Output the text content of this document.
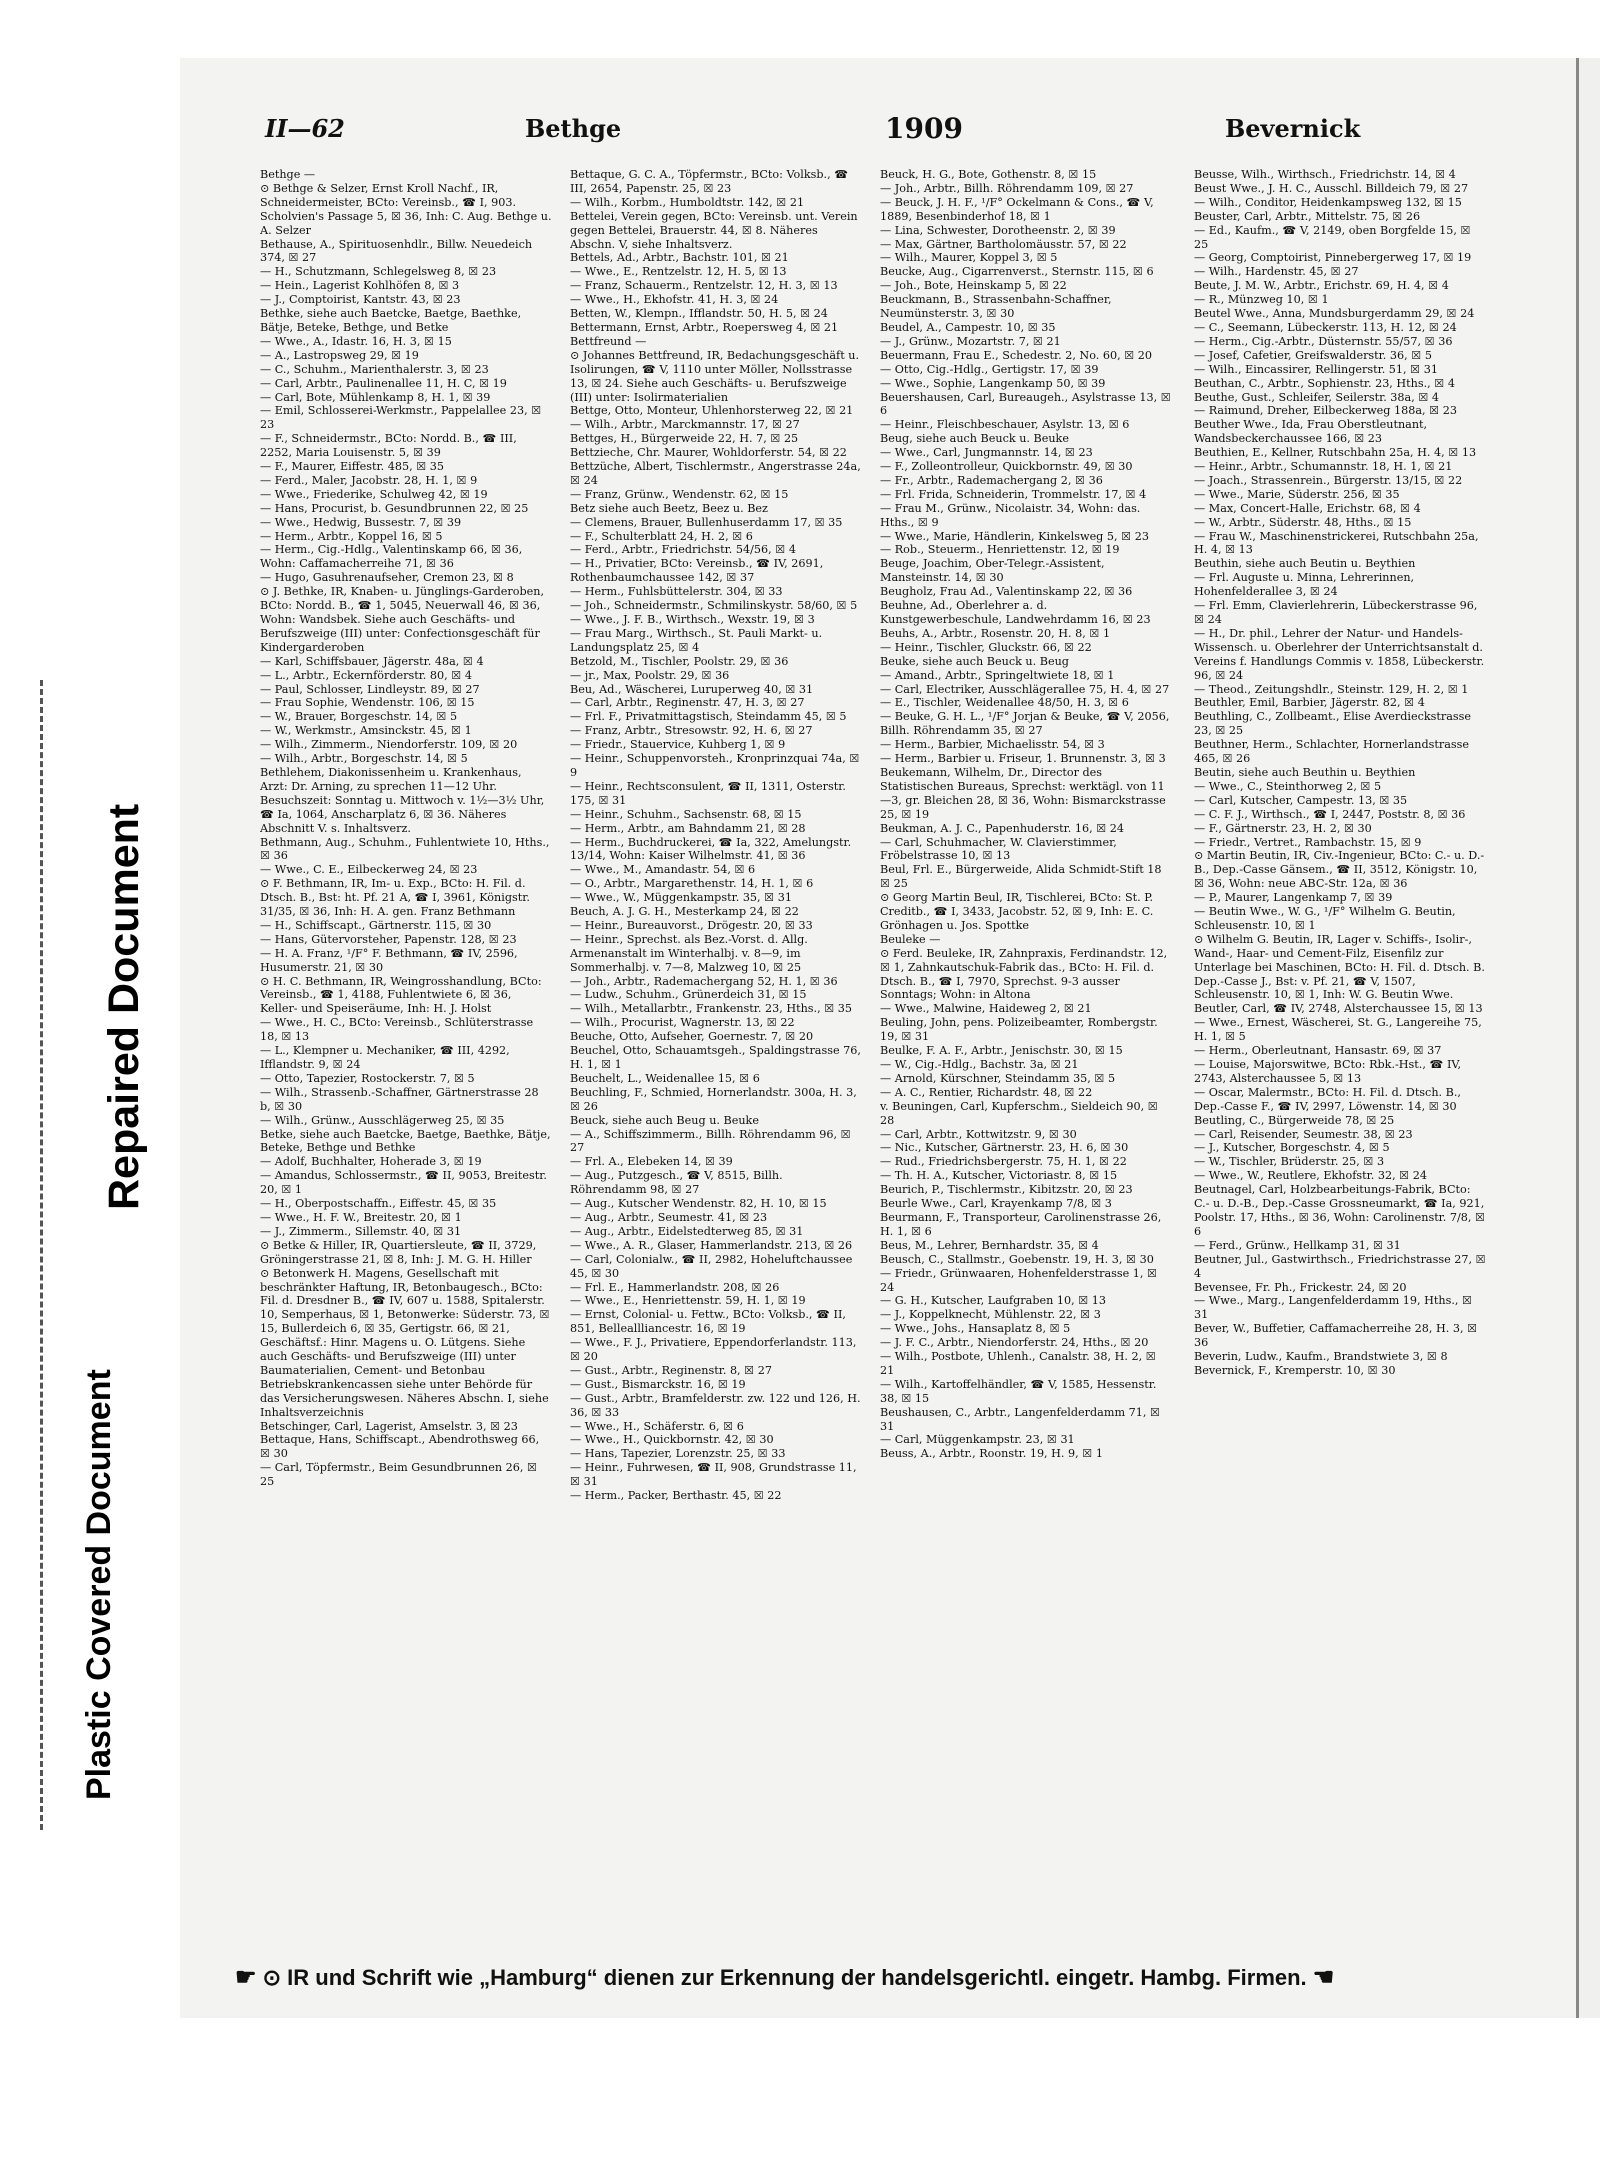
Repaired Document
Plastic Covered Document
II—62	Bethge	1909	Bevernick

Bethge —

⊙ Bethge & Selzer, Ernst Kroll Nachf., IR, Schneidermeister, BCto: Vereinsb., ☎ I, 903. Scholvien's Passage 5, ☒ 36, Inh: C. Aug. Bethge u. A. Selzer

Bethause, A., Spirituosenhdlr., Billw. Neuedeich 374, ☒ 27

— H., Schutzmann, Schlegelsweg 8, ☒ 23

— Hein., Lagerist Kohlhöfen 8, ☒ 3

— J., Comptoirist, Kantstr. 43, ☒ 23

Bethke, siehe auch Baetcke, Baetge, Baethke, Bätje, Beteke, Bethge, und Betke

— Wwe., A., Idastr. 16, H. 3, ☒ 15

— A., Lastropsweg 29, ☒ 19

— C., Schuhm., Marienthalerstr. 3, ☒ 23

— Carl, Arbtr., Paulinenallee 11, H. C, ☒ 19

— Carl, Bote, Mühlenkamp 8, H. 1, ☒ 39

— Emil, Schlosserei-Werkmstr., Pappelallee 23, ☒ 23

— F., Schneidermstr., BCto: Nordd. B., ☎ III, 2252, Maria Louisenstr. 5, ☒ 39

— F., Maurer, Eiffestr. 485, ☒ 35

— Ferd., Maler, Jacobstr. 28, H. 1, ☒ 9

— Wwe., Friederike, Schulweg 42, ☒ 19

— Hans, Procurist, b. Gesundbrunnen 22, ☒ 25

— Wwe., Hedwig, Bussestr. 7, ☒ 39

— Herm., Arbtr., Koppel 16, ☒ 5

— Herm., Cig.-Hdlg., Valentinskamp 66, ☒ 36, Wohn: Caffamacherreihe 71, ☒ 36

— Hugo, Gasuhrenaufseher, Cremon 23, ☒ 8

⊙ J. Bethke, IR, Knaben- u. Jünglings-Garderoben, BCto: Nordd. B., ☎ 1, 5045, Neuerwall 46, ☒ 36, Wohn: Wandsbek. Siehe auch Geschäfts- und Berufszweige (III) unter: Confectionsgeschäft für Kindergarderoben

— Karl, Schiffsbauer, Jägerstr. 48a, ☒ 4

— L., Arbtr., Eckernförderstr. 80, ☒ 4

— Paul, Schlosser, Lindleystr. 89, ☒ 27

— Frau Sophie, Wendenstr. 106, ☒ 15

— W., Brauer, Borgeschstr. 14, ☒ 5

— W., Werkmstr., Amsinckstr. 45, ☒ 1

— Wilh., Zimmerm., Niendorferstr. 109, ☒ 20

— Wilh., Arbtr., Borgeschstr. 14, ☒ 5

Bethlehem, Diakonissenheim u. Krankenhaus, Arzt: Dr. Arning, zu sprechen 11—12 Uhr. Besuchszeit: Sonntag u. Mittwoch v. 1½—3½ Uhr, ☎ Ia, 1064, Anscharplatz 6, ☒ 36. Näheres Abschnitt V. s. Inhaltsverz.

Bethmann, Aug., Schuhm., Fuhlentwiete 10, Hths., ☒ 36

— Wwe., C. E., Eilbeckerweg 24, ☒ 23

⊙ F. Bethmann, IR, Im- u. Exp., BCto: H. Fil. d. Dtsch. B., Bst: ht. Pf. 21 A, ☎ I, 3961, Königstr. 31/35, ☒ 36, Inh: H. A. gen. Franz Bethmann

— H., Schiffscapt., Gärtnerstr. 115, ☒ 30

— Hans, Gütervorsteher, Papenstr. 128, ☒ 23

— H. A. Franz, ¹/F° F. Bethmann, ☎ IV, 2596, Husumerstr. 21, ☒ 30

⊙ H. C. Bethmann, IR, Weingrosshandlung, BCto: Vereinsb., ☎ 1, 4188, Fuhlentwiete 6, ☒ 36, Keller- und Speiseräume, Inh: H. J. Holst

— Wwe., H. C., BCto: Vereinsb., Schlüterstrasse 18, ☒ 13

— L., Klempner u. Mechaniker, ☎ III, 4292, Ifflandstr. 9, ☒ 24

— Otto, Tapezier, Rostockerstr. 7, ☒ 5

— Wilh., Strassenb.-Schaffner, Gärtnerstrasse 28 b, ☒ 30

— Wilh., Grünw., Ausschlägerweg 25, ☒ 35

Betke, siehe auch Baetcke, Baetge, Baethke, Bätje, Beteke, Bethge und Bethke

— Adolf, Buchhalter, Hoherade 3, ☒ 19

— Amandus, Schlossermstr., ☎ II, 9053, Breitestr. 20, ☒ 1

— H., Oberpostschaffn., Eiffestr. 45, ☒ 35

— Wwe., H. F. W., Breitestr. 20, ☒ 1

— J., Zimmerm., Sillemstr. 40, ☒ 31

⊙ Betke & Hiller, IR, Quartiersleute, ☎ II, 3729, Gröningerstrasse 21, ☒ 8, Inh: J. M. G. H. Hiller

⊙ Betonwerk H. Magens, Gesellschaft mit beschränkter Haftung, IR, Betonbaugesch., BCto: Fil. d. Dresdner B., ☎ IV, 607 u. 1588, Spitalerstr. 10, Semperhaus, ☒ 1, Betonwerke: Süderstr. 73, ☒ 15, Bullerdeich 6, ☒ 35, Gertigstr. 66, ☒ 21, Geschäftsf.: Hinr. Magens u. O. Lütgens. Siehe auch Geschäfts- und Berufszweige (III) unter Baumaterialien, Cement- und Betonbau

Betriebskrankencassen siehe unter Behörde für das Versicherungswesen. Näheres Abschn. I, siehe Inhaltsverzeichnis

Betschinger, Carl, Lagerist, Amselstr. 3, ☒ 23

Bettaque, Hans, Schiffscapt., Abendrothsweg 66, ☒ 30

— Carl, Töpfermstr., Beim Gesundbrunnen 26, ☒ 25

Bettaque, G. C. A., Töpfermstr., BCto: Volksb., ☎ III, 2654, Papenstr. 25, ☒ 23

— Wilh., Korbm., Humboldtstr. 142, ☒ 21

Bettelei, Verein gegen, BCto: Vereinsb. unt. Verein gegen Bettelei, Brauerstr. 44, ☒ 8. Näheres Abschn. V, siehe Inhaltsverz.

Bettels, Ad., Arbtr., Bachstr. 101, ☒ 21

— Wwe., E., Rentzelstr. 12, H. 5, ☒ 13

— Franz, Schauerm., Rentzelstr. 12, H. 3, ☒ 13

— Wwe., H., Ekhofstr. 41, H. 3, ☒ 24

Betten, W., Klempn., Ifflandstr. 50, H. 5, ☒ 24

Bettermann, Ernst, Arbtr., Roepersweg 4, ☒ 21

Bettfreund —

⊙ Johannes Bettfreund, IR, Bedachungsgeschäft u. Isolirungen, ☎ V, 1110 unter Möller, Nollsstrasse 13, ☒ 24. Siehe auch Geschäfts- u. Berufszweige (III) unter: Isolirmaterialien

Bettge, Otto, Monteur, Uhlenhorsterweg 22, ☒ 21

— Wilh., Arbtr., Marckmannstr. 17, ☒ 27

Bettges, H., Bürgerweide 22, H. 7, ☒ 25

Bettzieche, Chr. Maurer, Wohldorferstr. 54, ☒ 22

Bettzüche, Albert, Tischlermstr., Angerstrasse 24a, ☒ 24

— Franz, Grünw., Wendenstr. 62, ☒ 15

Betz siehe auch Beetz, Beez u. Bez

— Clemens, Brauer, Bullenhuserdamm 17, ☒ 35

— F., Schulterblatt 24, H. 2, ☒ 6

— Ferd., Arbtr., Friedrichstr. 54/56, ☒ 4

— H., Privatier, BCto: Vereinsb., ☎ IV, 2691, Rothenbaumchaussee 142, ☒ 37

— Herm., Fuhlsbüttelerstr. 304, ☒ 33

— Joh., Schneidermstr., Schmilinskystr. 58/60, ☒ 5

— Wwe., J. F. B., Wirthsch., Wexstr. 19, ☒ 3

— Frau Marg., Wirthsch., St. Pauli Markt- u. Landungsplatz 25, ☒ 4

Betzold, M., Tischler, Poolstr. 29, ☒ 36

— jr., Max, Poolstr. 29, ☒ 36

Beu, Ad., Wäscherei, Luruperweg 40, ☒ 31

— Carl, Arbtr., Reginenstr. 47, H. 3, ☒ 27

— Frl. F., Privatmittagstisch, Steindamm 45, ☒ 5

— Franz, Arbtr., Stresowstr. 92, H. 6, ☒ 27

— Friedr., Stauervice, Kuhberg 1, ☒ 9

— Heinr., Schuppenvorsteh., Kronprinzquai 74a, ☒ 9

— Heinr., Rechtsconsulent, ☎ II, 1311, Osterstr. 175, ☒ 31

— Heinr., Schuhm., Sachsenstr. 68, ☒ 15

— Herm., Arbtr., am Bahndamm 21, ☒ 28

— Herm., Buchdruckerei, ☎ Ia, 322, Amelungstr. 13/14, Wohn: Kaiser Wilhelmstr. 41, ☒ 36

— Wwe., M., Amandastr. 54, ☒ 6

— O., Arbtr., Margarethenstr. 14, H. 1, ☒ 6

— Wwe., W., Müggenkampstr. 35, ☒ 31

Beuch, A. J. G. H., Mesterkamp 24, ☒ 22

— Heinr., Bureauvorst., Drögestr. 20, ☒ 33

— Heinr., Sprechst. als Bez.-Vorst. d. Allg. Armenanstalt im Winterhalbj. v. 8—9, im Sommerhalbj. v. 7—8, Malzweg 10, ☒ 25

— Joh., Arbtr., Rademachergang 52, H. 1, ☒ 36

— Ludw., Schuhm., Grünerdeich 31, ☒ 15

— Wilh., Metallarbtr., Frankenstr. 23, Hths., ☒ 35

— Wilh., Procurist, Wagnerstr. 13, ☒ 22

Beuche, Otto, Aufseher, Goernestr. 7, ☒ 20

Beuchel, Otto, Schauamtsgeh., Spaldingstrasse 76, H. 1, ☒ 1

Beuchelt, L., Weidenallee 15, ☒ 6

Beuchling, F., Schmied, Hornerlandstr. 300a, H. 3, ☒ 26

Beuck, siehe auch Beug u. Beuke

— A., Schiffszimmerm., Billh. Röhrendamm 96, ☒ 27

— Frl. A., Elebeken 14, ☒ 39

— Aug., Putzgesch., ☎ V, 8515, Billh. Röhrendamm 98, ☒ 27

— Aug., Kutscher Wendenstr. 82, H. 10, ☒ 15

— Aug., Arbtr., Seumestr. 41, ☒ 23

— Aug., Arbtr., Eidelstedterweg 85, ☒ 31

— Wwe., A. R., Glaser, Hammerlandstr. 213, ☒ 26

— Carl, Colonialw., ☎ II, 2982, Hoheluftchaussee 45, ☒ 30

— Frl. E., Hammerlandstr. 208, ☒ 26

— Wwe., E., Henriettenstr. 59, H. 1, ☒ 19

— Ernst, Colonial- u. Fettw., BCto: Volksb., ☎ II, 851, Belleallliancestr. 16, ☒ 19

— Wwe., F. J., Privatiere, Eppendorferlandstr. 113, ☒ 20

— Gust., Arbtr., Reginenstr. 8, ☒ 27

— Gust., Bismarckstr. 16, ☒ 19

— Gust., Arbtr., Bramfelderstr. zw. 122 und 126, H. 36, ☒ 33

— Wwe., H., Schäferstr. 6, ☒ 6

— Wwe., H., Quickbornstr. 42, ☒ 30

— Hans, Tapezier, Lorenzstr. 25, ☒ 33

— Heinr., Fuhrwesen, ☎ II, 908, Grundstrasse 11, ☒ 31

— Herm., Packer, Berthastr. 45, ☒ 22

Beuck, H. G., Bote, Gothenstr. 8, ☒ 15

— Joh., Arbtr., Billh. Röhrendamm 109, ☒ 27

— Beuck, J. H. F., ¹/F° Ockelmann & Cons., ☎ V, 1889, Besenbinderhof 18, ☒ 1

— Lina, Schwester, Dorotheenstr. 2, ☒ 39

— Max, Gärtner, Bartholomäusstr. 57, ☒ 22

— Wilh., Maurer, Koppel 3, ☒ 5

Beucke, Aug., Cigarrenverst., Sternstr. 115, ☒ 6

— Joh., Bote, Heinskamp 5, ☒ 22

Beuckmann, B., Strassenbahn-Schaffner, Neumünsterstr. 3, ☒ 30

Beudel, A., Campestr. 10, ☒ 35

— J., Grünw., Mozartstr. 7, ☒ 21

Beuermann, Frau E., Schedestr. 2, No. 60, ☒ 20

— Otto, Cig.-Hdlg., Gertigstr. 17, ☒ 39

— Wwe., Sophie, Langenkamp 50, ☒ 39

Beuershausen, Carl, Bureaugeh., Asylstrasse 13, ☒ 6

— Heinr., Fleischbeschauer, Asylstr. 13, ☒ 6

Beug, siehe auch Beuck u. Beuke

— Wwe., Carl, Jungmannstr. 14, ☒ 23

— F., Zolleontrolleur, Quickbornstr. 49, ☒ 30

— Fr., Arbtr., Rademachergang 2, ☒ 36

— Frl. Frida, Schneiderin, Trommelstr. 17, ☒ 4

— Frau M., Grünw., Nicolaistr. 34, Wohn: das. Hths., ☒ 9

— Wwe., Marie, Händlerin, Kinkelsweg 5, ☒ 23

— Rob., Steuerm., Henriettenstr. 12, ☒ 19

Beuge, Joachim, Ober-Telegr.-Assistent, Mansteinstr. 14, ☒ 30

Beugholz, Frau Ad., Valentinskamp 22, ☒ 36

Beuhne, Ad., Oberlehrer a. d. Kunstgewerbeschule, Landwehrdamm 16, ☒ 23

Beuhs, A., Arbtr., Rosenstr. 20, H. 8, ☒ 1

— Heinr., Tischler, Gluckstr. 66, ☒ 22

Beuke, siehe auch Beuck u. Beug

— Amand., Arbtr., Springeltwiete 18, ☒ 1

— Carl, Electriker, Ausschlägerallee 75, H. 4, ☒ 27

— E., Tischler, Weidenallee 48/50, H. 3, ☒ 6

— Beuke, G. H. L., ¹/F° Jorjan & Beuke, ☎ V, 2056, Billh. Röhrendamm 35, ☒ 27

— Herm., Barbier, Michaelisstr. 54, ☒ 3

— Herm., Barbier u. Friseur, 1. Brunnenstr. 3, ☒ 3

Beukemann, Wilhelm, Dr., Director des Statistischen Bureaus, Sprechst: werktägl. von 11—3, gr. Bleichen 28, ☒ 36, Wohn: Bismarckstrasse 25, ☒ 19

Beukman, A. J. C., Papenhuderstr. 16, ☒ 24

— Carl, Schuhmacher, W. Clavierstimmer, Fröbelstrasse 10, ☒ 13

Beul, Frl. E., Bürgerweide, Alida Schmidt-Stift 18 ☒ 25

⊙ Georg Martin Beul, IR, Tischlerei, BCto: St. P. Creditb., ☎ I, 3433, Jacobstr. 52, ☒ 9, Inh: E. C. Grönhagen u. Jos. Spottke

Beuleke —

⊙ Ferd. Beuleke, IR, Zahnpraxis, Ferdinandstr. 12, ☒ 1, Zahnkautschuk-Fabrik das., BCto: H. Fil. d. Dtsch. B., ☎ I, 7970, Sprechst. 9-3 ausser Sonntags; Wohn: in Altona

— Wwe., Malwine, Haideweg 2, ☒ 21

Beuling, John, pens. Polizeibeamter, Rombergstr. 19, ☒ 31

Beulke, F. A. F., Arbtr., Jenischstr. 30, ☒ 15

— W., Cig.-Hdlg., Bachstr. 3a, ☒ 21

— Arnold, Kürschner, Steindamm 35, ☒ 5

— A. C., Rentier, Richardstr. 48, ☒ 22

v. Beuningen, Carl, Kupferschm., Sieldeich 90, ☒ 28

— Carl, Arbtr., Kottwitzstr. 9, ☒ 30

— Nic., Kutscher, Gärtnerstr. 23, H. 6, ☒ 30

— Rud., Friedrichsbergerstr. 75, H. 1, ☒ 22

— Th. H. A., Kutscher, Victoriastr. 8, ☒ 15

Beurich, P., Tischlermstr., Kibitzstr. 20, ☒ 23

Beurle Wwe., Carl, Krayenkamp 7/8, ☒ 3

Beurmann, F., Transporteur, Carolinenstrasse 26, H. 1, ☒ 6

Beus, M., Lehrer, Bernhardstr. 35, ☒ 4

Beusch, C., Stallmstr., Goebenstr. 19, H. 3, ☒ 30

— Friedr., Grünwaaren, Hohenfelderstrasse 1, ☒ 24

— G. H., Kutscher, Laufgraben 10, ☒ 13

— J., Koppelknecht, Mühlenstr. 22, ☒ 3

— Wwe., Johs., Hansaplatz 8, ☒ 5

— J. F. C., Arbtr., Niendorferstr. 24, Hths., ☒ 20

— Wilh., Postbote, Uhlenh., Canalstr. 38, H. 2, ☒ 21

— Wilh., Kartoffelhändler, ☎ V, 1585, Hessenstr. 38, ☒ 15

Beushausen, C., Arbtr., Langenfelderdamm 71, ☒ 31

— Carl, Müggenkampstr. 23, ☒ 31

Beuss, A., Arbtr., Roonstr. 19, H. 9, ☒ 1

Beusse, Wilh., Wirthsch., Friedrichstr. 14, ☒ 4

Beust Wwe., J. H. C., Ausschl. Billdeich 79, ☒ 27

— Wilh., Conditor, Heidenkampsweg 132, ☒ 15

Beuster, Carl, Arbtr., Mittelstr. 75, ☒ 26

— Ed., Kaufm., ☎ V, 2149, oben Borgfelde 15, ☒ 25

— Georg, Comptoirist, Pinnebergerweg 17, ☒ 19

— Wilh., Hardenstr. 45, ☒ 27

Beute, J. M. W., Arbtr., Erichstr. 69, H. 4, ☒ 4

— R., Münzweg 10, ☒ 1

Beutel Wwe., Anna, Mundsburgerdamm 29, ☒ 24

— C., Seemann, Lübeckerstr. 113, H. 12, ☒ 24

— Herm., Cig.-Arbtr., Düsternstr. 55/57, ☒ 36

— Josef, Cafetier, Greifswalderstr. 36, ☒ 5

— Wilh., Eincassirer, Rellingerstr. 51, ☒ 31

Beuthan, C., Arbtr., Sophienstr. 23, Hths., ☒ 4

Beuthe, Gust., Schleifer, Seilerstr. 38a, ☒ 4

— Raimund, Dreher, Eilbeckerweg 188a, ☒ 23

Beuther Wwe., Ida, Frau Oberstleutnant, Wandsbeckerchaussee 166, ☒ 23

Beuthien, E., Kellner, Rutschbahn 25a, H. 4, ☒ 13

— Heinr., Arbtr., Schumannstr. 18, H. 1, ☒ 21

— Joach., Strassenrein., Bürgerstr. 13/15, ☒ 22

— Wwe., Marie, Süderstr. 256, ☒ 35

— Max, Concert-Halle, Erichstr. 68, ☒ 4

— W., Arbtr., Süderstr. 48, Hths., ☒ 15

— Frau W., Maschinenstrickerei, Rutschbahn 25a, H. 4, ☒ 13

Beuthin, siehe auch Beutin u. Beythien

— Frl. Auguste u. Minna, Lehrerinnen, Hohenfelderallee 3, ☒ 24

— Frl. Emm, Clavierlehrerin, Lübeckerstrasse 96, ☒ 24

— H., Dr. phil., Lehrer der Natur- und Handels-Wissensch. u. Oberlehrer der Unterrichtsanstalt d. Vereins f. Handlungs Commis v. 1858, Lübeckerstr. 96, ☒ 24

— Theod., Zeitungshdlr., Steinstr. 129, H. 2, ☒ 1

Beuthler, Emil, Barbier, Jägerstr. 82, ☒ 4

Beuthling, C., Zollbeamt., Elise Averdieckstrasse 23, ☒ 25

Beuthner, Herm., Schlachter, Hornerlandstrasse 465, ☒ 26

Beutin, siehe auch Beuthin u. Beythien

— Wwe., C., Steinthorweg 2, ☒ 5

— Carl, Kutscher, Campestr. 13, ☒ 35

— C. F. J., Wirthsch., ☎ I, 2447, Poststr. 8, ☒ 36

— F., Gärtnerstr. 23, H. 2, ☒ 30

— Friedr., Vertret., Rambachstr. 15, ☒ 9

⊙ Martin Beutin, IR, Civ.-Ingenieur, BCto: C.- u. D.-B., Dep.-Casse Gänsem., ☎ II, 3512, Königstr. 10, ☒ 36, Wohn: neue ABC-Str. 12a, ☒ 36

— P., Maurer, Langenkamp 7, ☒ 39

— Beutin Wwe., W. G., ¹/F° Wilhelm G. Beutin, Schleusenstr. 10, ☒ 1

⊙ Wilhelm G. Beutin, IR, Lager v. Schiffs-, Isolir-, Wand-, Haar- und Cement-Filz, Eisenfilz zur Unterlage bei Maschinen, BCto: H. Fil. d. Dtsch. B. Dep.-Casse J., Bst: v. Pf. 21, ☎ V, 1507, Schleusenstr. 10, ☒ 1, Inh: W. G. Beutin Wwe.

Beutler, Carl, ☎ IV, 2748, Alsterchaussee 15, ☒ 13

— Wwe., Ernest, Wäscherei, St. G., Langereihe 75, H. 1, ☒ 5

— Herm., Oberleutnant, Hansastr. 69, ☒ 37

— Louise, Majorswitwe, BCto: Rbk.-Hst., ☎ IV, 2743, Alsterchaussee 5, ☒ 13

— Oscar, Malermstr., BCto: H. Fil. d. Dtsch. B., Dep.-Casse F., ☎ IV, 2997, Löwenstr. 14, ☒ 30

Beutling, C., Bürgerweide 78, ☒ 25

— Carl, Reisender, Seumestr. 38, ☒ 23

— J., Kutscher, Borgeschstr. 4, ☒ 5

— W., Tischler, Brüderstr. 25, ☒ 3

— Wwe., W., Reutlere, Ekhofstr. 32, ☒ 24

Beutnagel, Carl, Holzbearbeitungs-Fabrik, BCto: C.- u. D.-B., Dep.-Casse Grossneumarkt, ☎ Ia, 921, Poolstr. 17, Hths., ☒ 36, Wohn: Carolinenstr. 7/8, ☒ 6

— Ferd., Grünw., Hellkamp 31, ☒ 31

Beutner, Jul., Gastwirthsch., Friedrichstrasse 27, ☒ 4

Bevensee, Fr. Ph., Frickestr. 24, ☒ 20

— Wwe., Marg., Langenfelderdamm 19, Hths., ☒ 31

Bever, W., Buffetier, Caffamacherreihe 28, H. 3, ☒ 36

Beverin, Ludw., Kaufm., Brandstwiete 3, ☒ 8

Bevernick, F., Kremperstr. 10, ☒ 30

☛ ⊙ IR und Schrift wie „Hamburg“ dienen zur Erkennung der handelsgerichtl. eingetr. Hambg. Firmen. ☚
